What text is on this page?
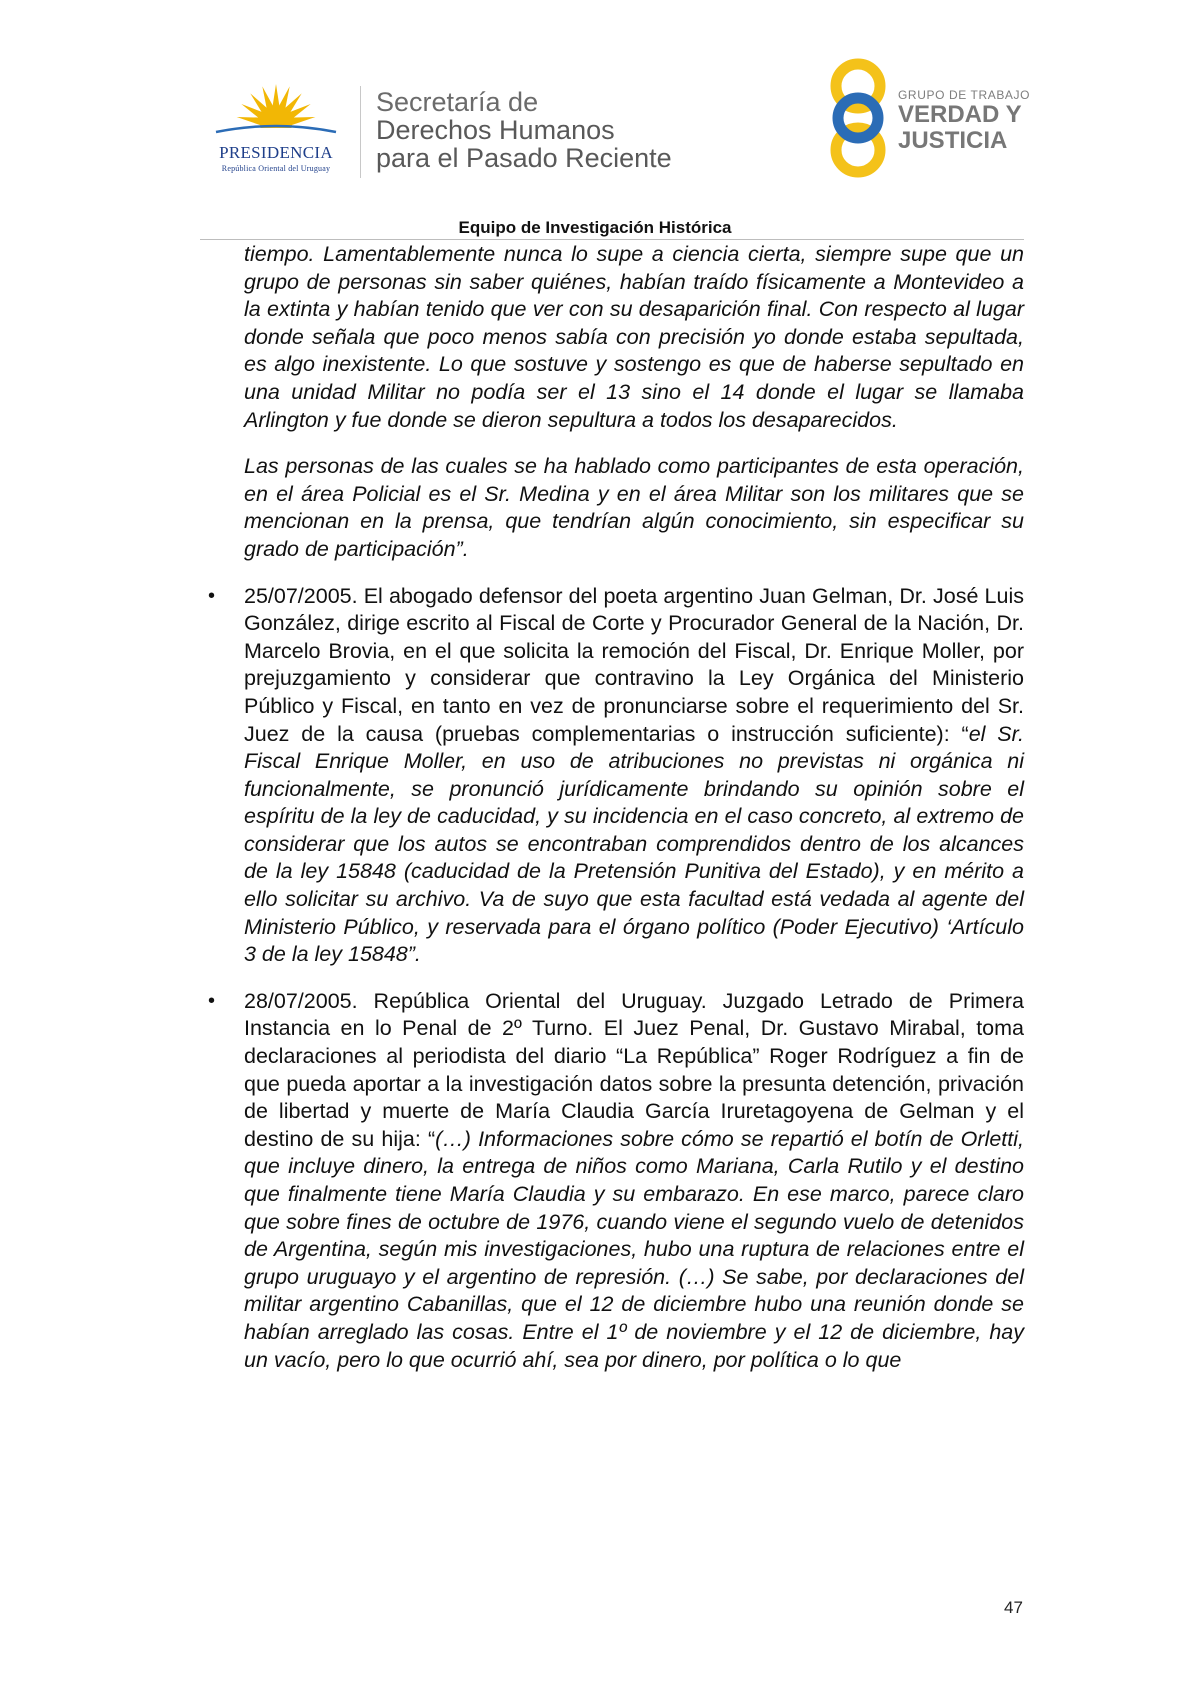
PRESIDENCIA
República Oriental del Uruguay
Secretaría de
Derechos Humanos
para el Pasado Reciente
GRUPO DE TRABAJO
VERDAD Y
JUSTICIA
Equipo de Investigación Histórica

tiempo. Lamentablemente nunca lo supe a ciencia cierta, siempre supe que un grupo de personas sin saber quiénes, habían traído físicamente a Montevideo a la extinta y habían tenido que ver con su desaparición final. Con respecto al lugar donde señala que poco menos sabía con precisión yo donde estaba sepultada, es algo inexistente. Lo que sostuve y sostengo es que de haberse sepultado en una unidad Militar no podía ser el 13 sino el 14 donde el lugar se llamaba Arlington y fue donde se dieron sepultura a todos los desaparecidos.

Las personas de las cuales se ha hablado como participantes de esta operación, en el área Policial es el Sr. Medina y en el área Militar son los militares que se mencionan en la prensa, que tendrían algún conocimiento, sin especificar su grado de participación”.

• 25/07/2005. El abogado defensor del poeta argentino Juan Gelman, Dr. José Luis González, dirige escrito al Fiscal de Corte y Procurador General de la Nación, Dr. Marcelo Brovia, en el que solicita la remoción del Fiscal, Dr. Enrique Moller, por prejuzgamiento y considerar que contravino la Ley Orgánica del Ministerio Público y Fiscal, en tanto en vez de pronunciarse sobre el requerimiento del Sr. Juez de la causa (pruebas complementarias o instrucción suficiente): “el Sr. Fiscal Enrique Moller, en uso de atribuciones no previstas ni orgánica ni funcionalmente, se pronunció jurídicamente brindando su opinión sobre el espíritu de la ley de caducidad, y su incidencia en el caso concreto, al extremo de considerar que los autos se encontraban comprendidos dentro de los alcances de la ley 15848 (caducidad de la Pretensión Punitiva del Estado), y en mérito a ello solicitar su archivo. Va de suyo que esta facultad está vedada al agente del Ministerio Público, y reservada para el órgano político (Poder Ejecutivo) ‘Artículo 3 de la ley 15848”.
• 28/07/2005. República Oriental del Uruguay. Juzgado Letrado de Primera Instancia en lo Penal de 2º Turno. El Juez Penal, Dr. Gustavo Mirabal, toma declaraciones al periodista del diario “La República” Roger Rodríguez a fin de que pueda aportar a la investigación datos sobre la presunta detención, privación de libertad y muerte de María Claudia García Iruretagoyena de Gelman y el destino de su hija: “(…) Informaciones sobre cómo se repartió el botín de Orletti, que incluye dinero, la entrega de niños como Mariana, Carla Rutilo y el destino que finalmente tiene María Claudia y su embarazo. En ese marco, parece claro que sobre fines de octubre de 1976, cuando viene el segundo vuelo de detenidos de Argentina, según mis investigaciones, hubo una ruptura de relaciones entre el grupo uruguayo y el argentino de represión. (…) Se sabe, por declaraciones del militar argentino Cabanillas, que el 12 de diciembre hubo una reunión donde se habían arreglado las cosas. Entre el 1º de noviembre y el 12 de diciembre, hay un vacío, pero lo que ocurrió ahí, sea por dinero, por política o lo que
47
